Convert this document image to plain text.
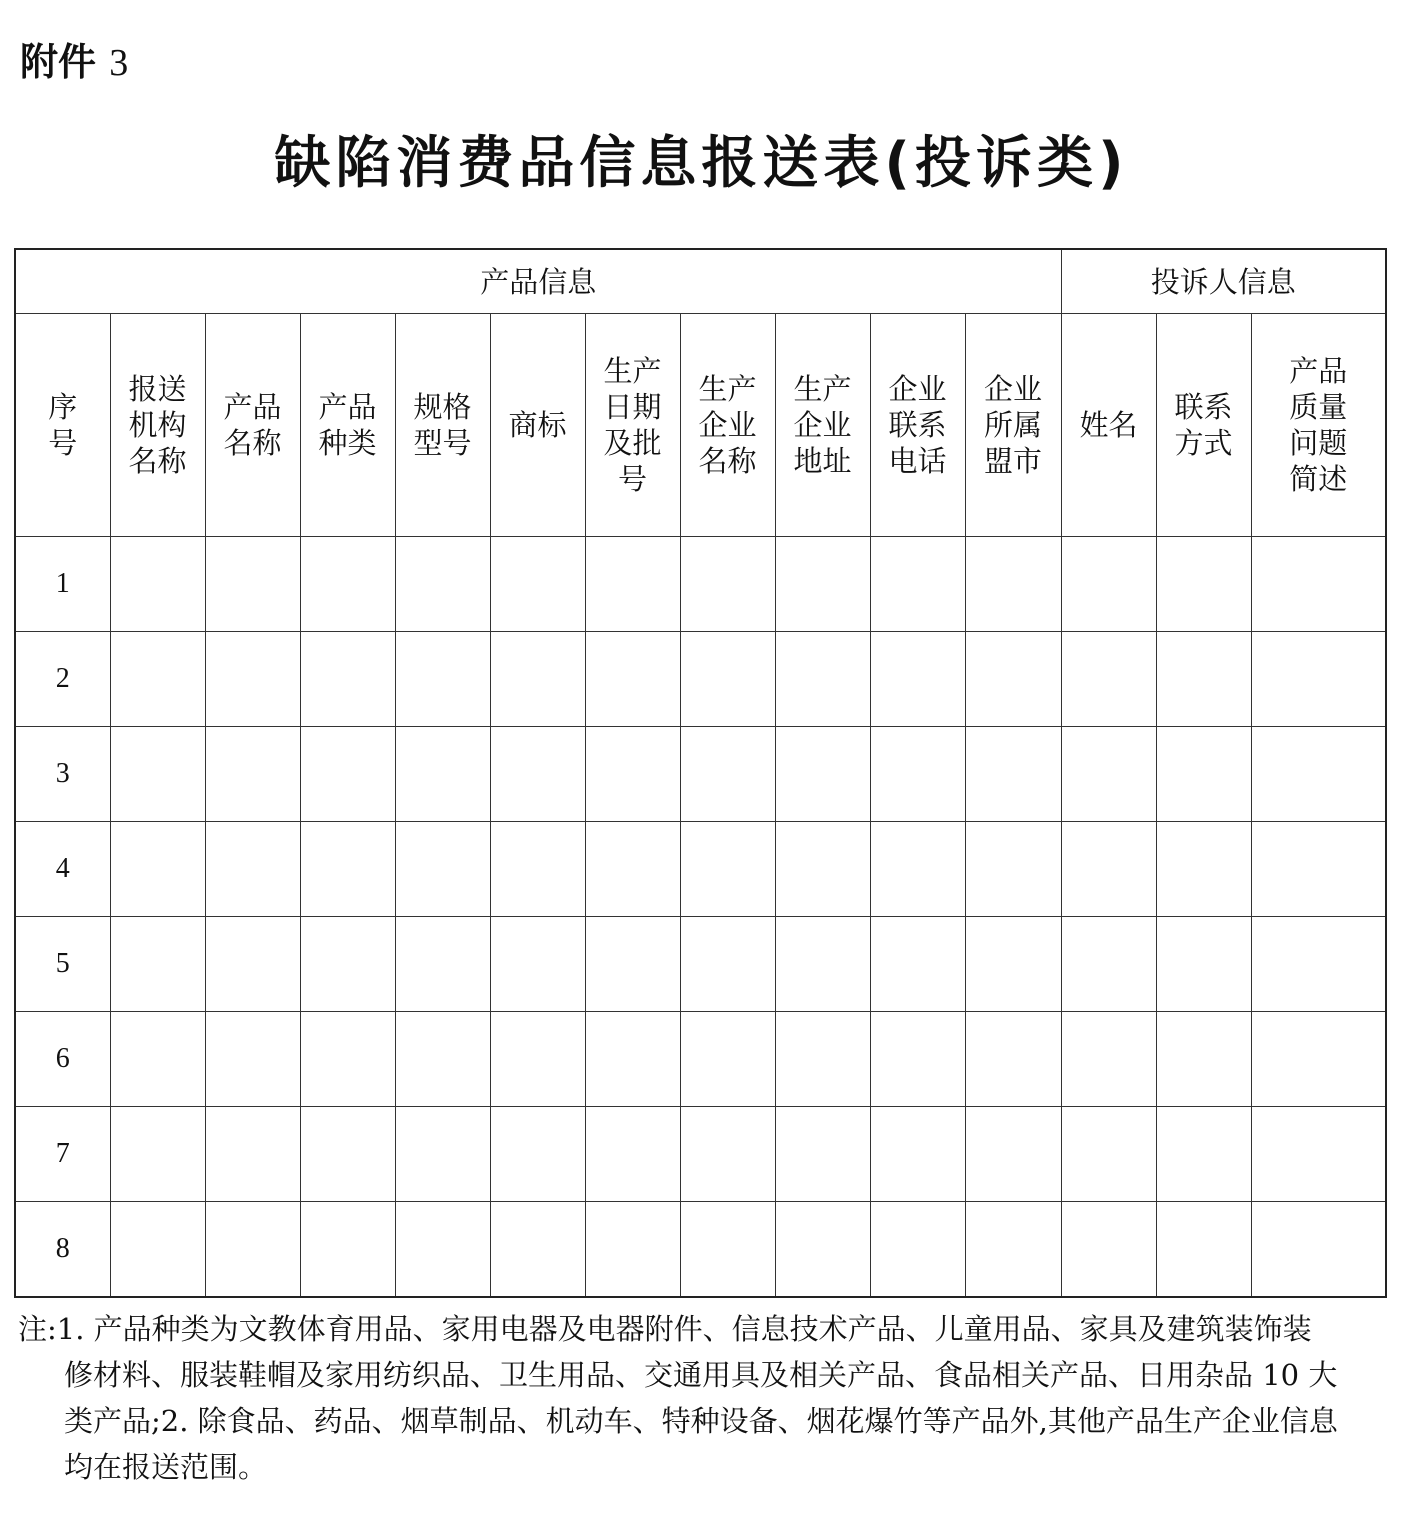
附件 3
缺陷消费品信息报送表(投诉类)
产品信息											投诉人信息		
序号	报送机构名称	产品名称	产品种类	规格型号	商标	生产日期及批号	生产企业名称	生产企业地址	企业联系电话	企业所属盟市	姓名	联系方式	产品质量问题简述
1													
2													
3													
4													
5													
6													
7													
8													
注:1. 产品种类为文教体育用品、家用电器及电器附件、信息技术产品、儿童用品、家具及建筑装饰装
修材料、服装鞋帽及家用纺织品、卫生用品、交通用具及相关产品、食品相关产品、日用杂品 10 大
类产品;2. 除食品、药品、烟草制品、机动车、特种设备、烟花爆竹等产品外,其他产品生产企业信息
均在报送范围。
